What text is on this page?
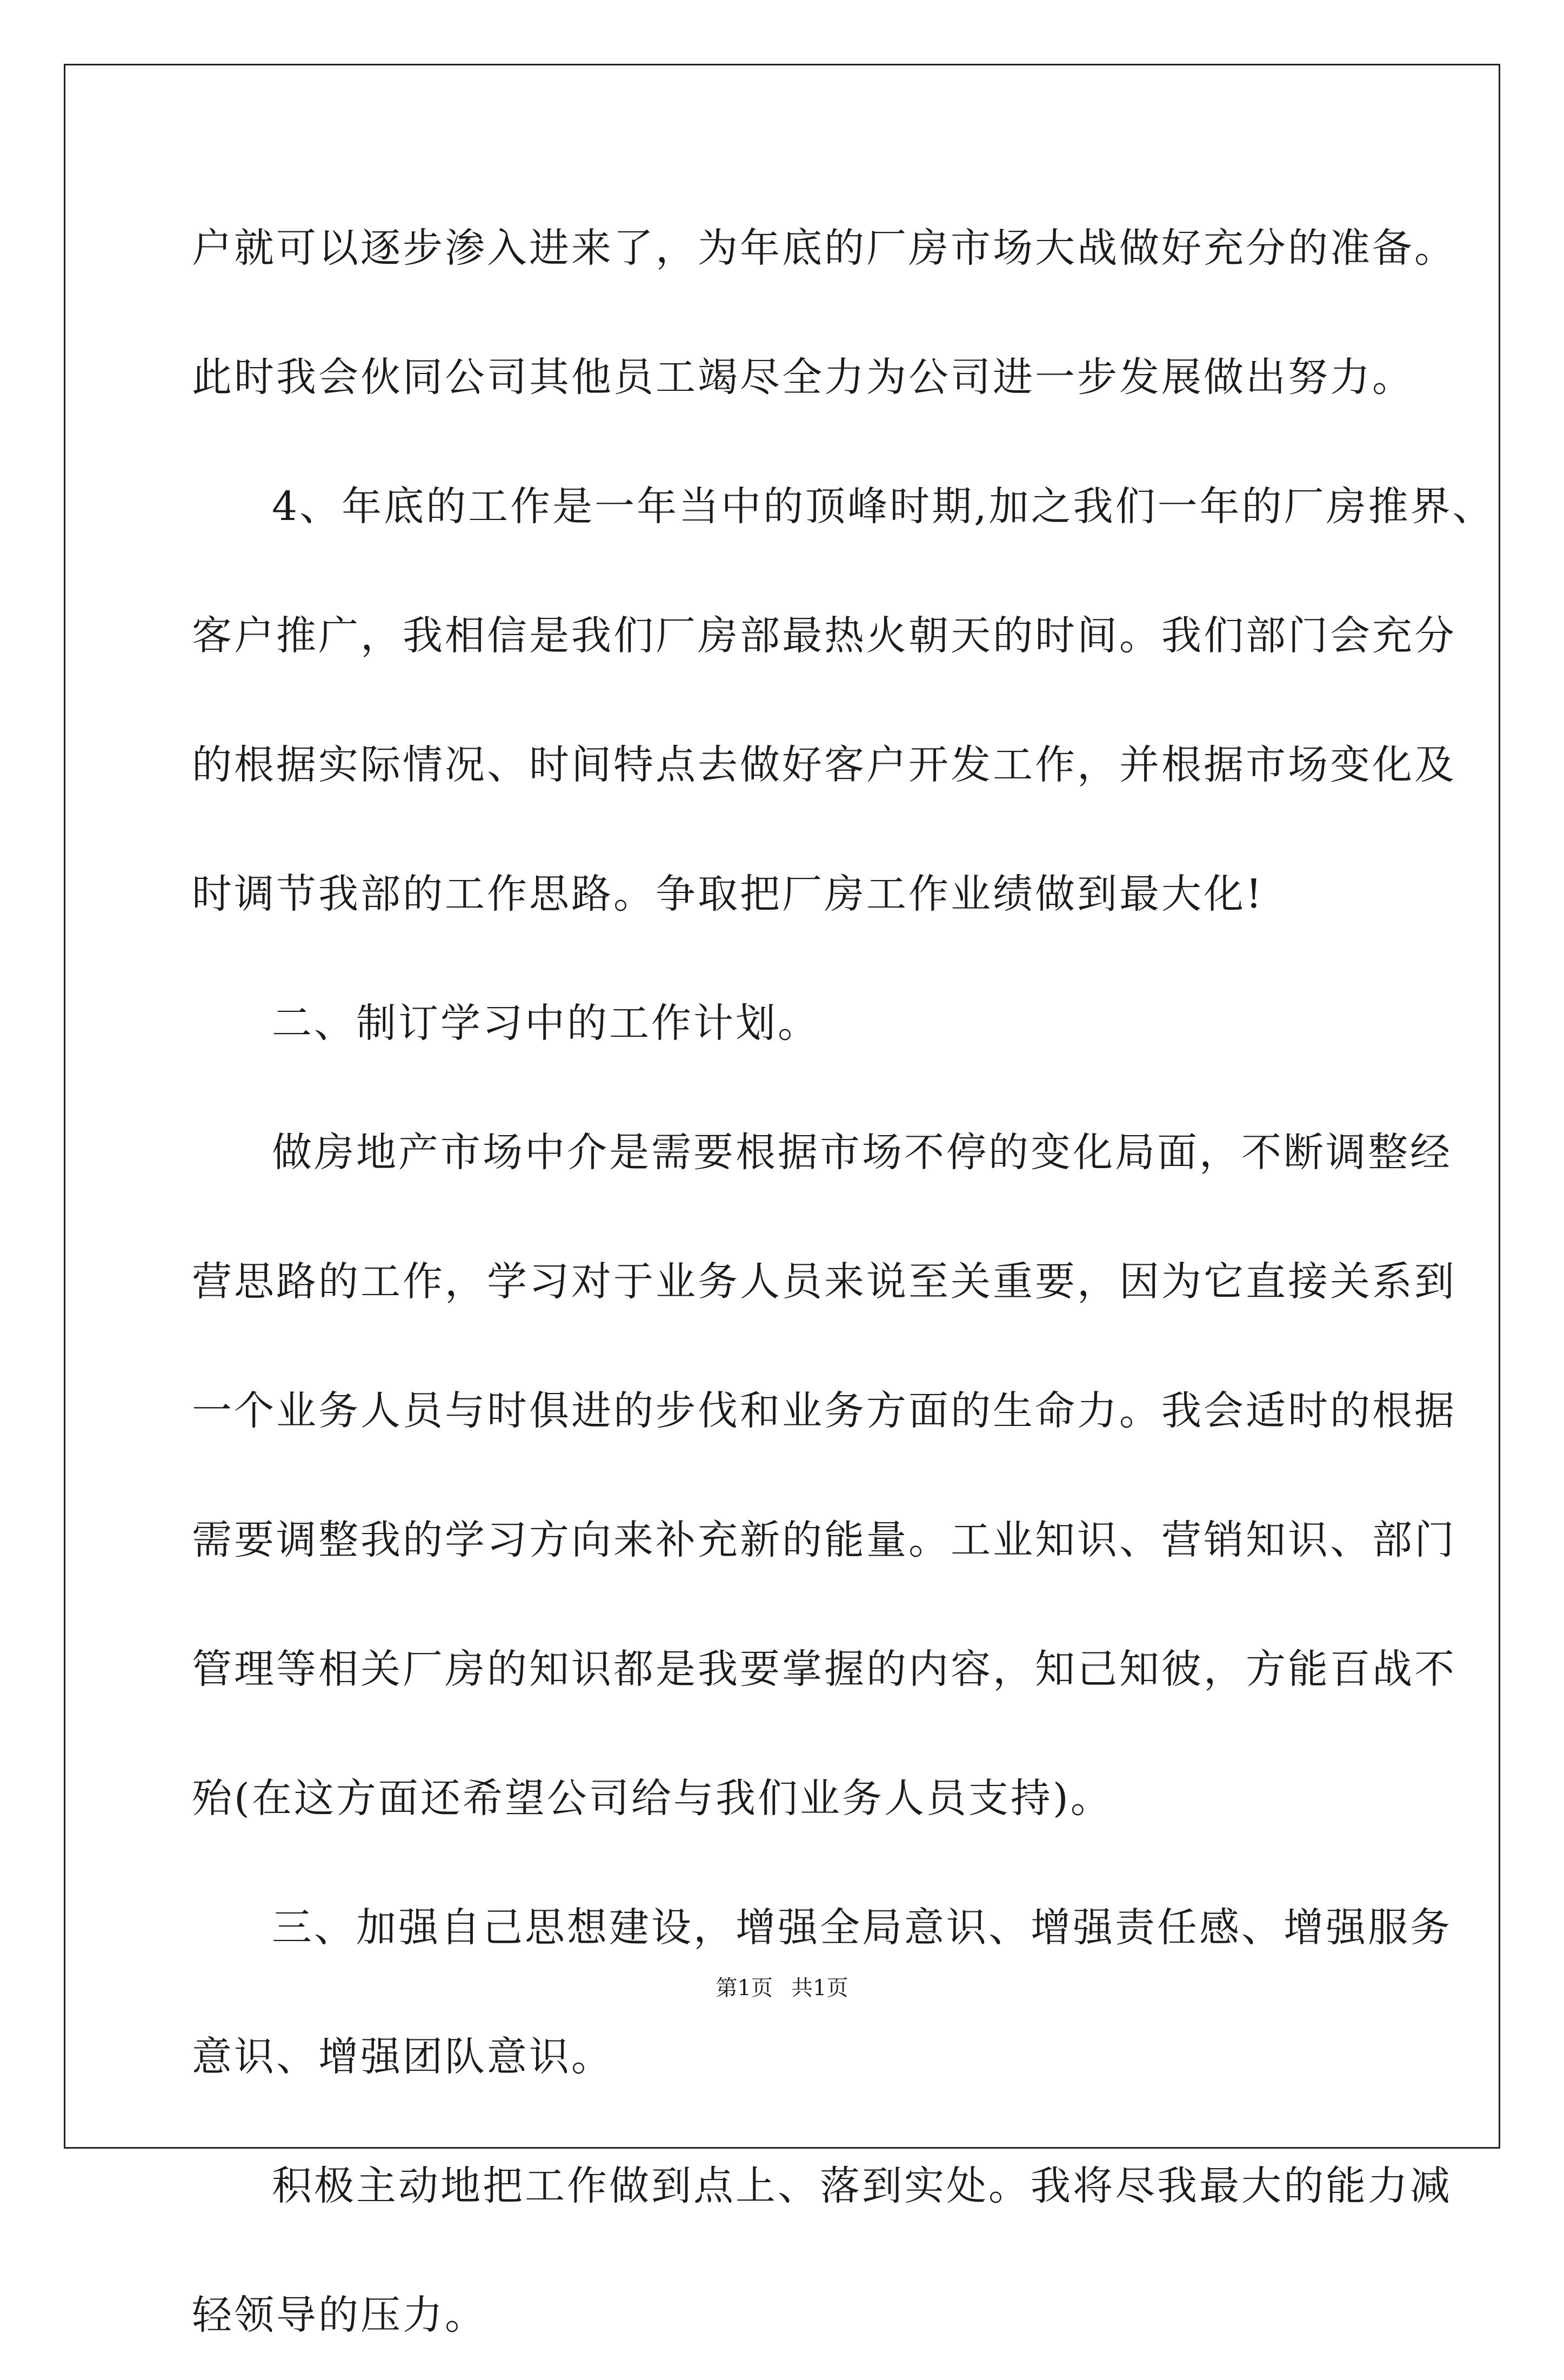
户就可以逐步渗入进来了，为年底的厂房市场大战做好充分的准备。
此时我会伙同公司其他员工竭尽全力为公司进一步发展做出努力。
4、年底的工作是一年当中的顶峰时期,加之我们一年的厂房推界、
客户推广，我相信是我们厂房部最热火朝天的时间。我们部门会充分
的根据实际情况、时间特点去做好客户开发工作，并根据市场变化及
时调节我部的工作思路。争取把厂房工作业绩做到最大化!
二、制订学习中的工作计划。
做房地产市场中介是需要根据市场不停的变化局面，不断调整经
营思路的工作，学习对于业务人员来说至关重要，因为它直接关系到
一个业务人员与时俱进的步伐和业务方面的生命力。我会适时的根据
需要调整我的学习方向来补充新的能量。工业知识、营销知识、部门
管理等相关厂房的知识都是我要掌握的内容，知己知彼，方能百战不
殆(在这方面还希望公司给与我们业务人员支持)。
三、加强自己思想建设，增强全局意识、增强责任感、增强服务
意识、增强团队意识。
积极主动地把工作做到点上、落到实处。我将尽我最大的能力减
轻领导的压力。
第1页 共1页
